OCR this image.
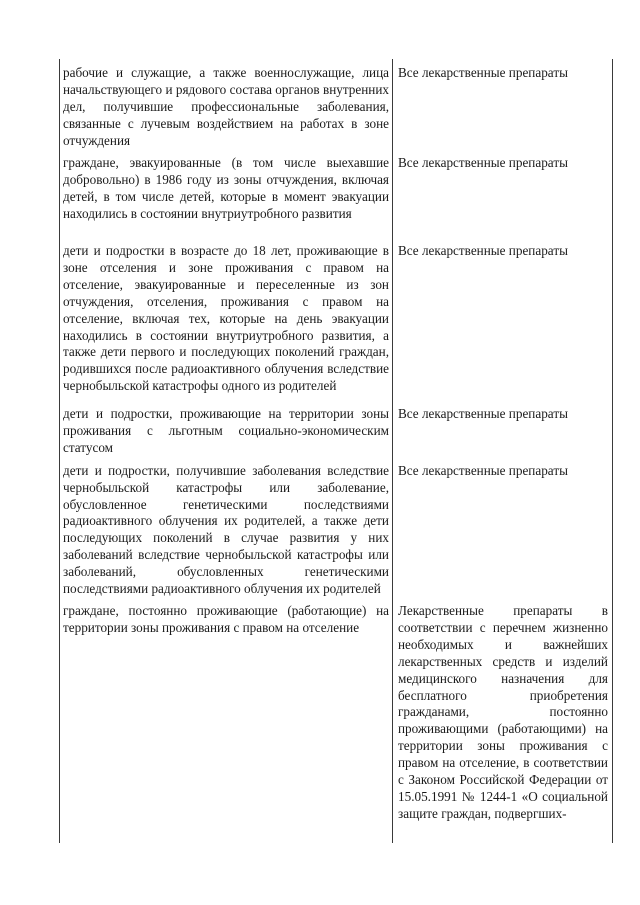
рабочие и служащие, а также военнослужащие, лица начальствующего и рядового состава органов внутренних дел, получившие профессиональные заболевания, связанные с лучевым воздействием на работах в зоне отчуждения	Все лекарственные препараты

граждане, эвакуированные (в том числе выехавшие добровольно) в 1986 году из зоны отчуждения, включая детей, в том числе детей, которые в момент эвакуации находились в состоянии внутриутробного развития	Все лекарственные препараты

дети и подростки в возрасте до 18 лет, проживающие в зоне отселения и зоне проживания с правом на отселение, эвакуированные и переселенные из зон отчуждения, отселения, проживания с правом на отселение, включая тех, которые на день эвакуации находились в состоянии внутриутробного развития, а также дети первого и последующих поколений граждан, родившихся после радиоактивного облучения вследствие чернобыльской катастрофы одного из родителей	Все лекарственные препараты

дети и подростки, проживающие на территории зоны проживания с льготным социально-экономическим статусом	Все лекарственные препараты

дети и подростки, получившие заболевания вследствие чернобыльской катастрофы или заболевание, обусловленное генетическими последствиями радиоактивного облучения их родителей, а также дети последующих поколений в случае развития у них заболеваний вследствие чернобыльской катастрофы или заболеваний, обусловленных генетическими последствиями радиоактивного облучения их родителей	Все лекарственные препараты

граждане, постоянно проживающие (работающие) на территории зоны проживания с правом на отселение	Лекарственные препараты в соответствии с перечнем жизненно необходимых и важнейших лекарственных средств и изделий медицинского назначения для бесплатного приобретения гражданами, постоянно проживающими (работающими) на территории зоны проживания с правом на отселение, в соответствии с Законом Российской Федерации от 15.05.1991 № 1244-1 «О социальной защите граждан, подвергших-
